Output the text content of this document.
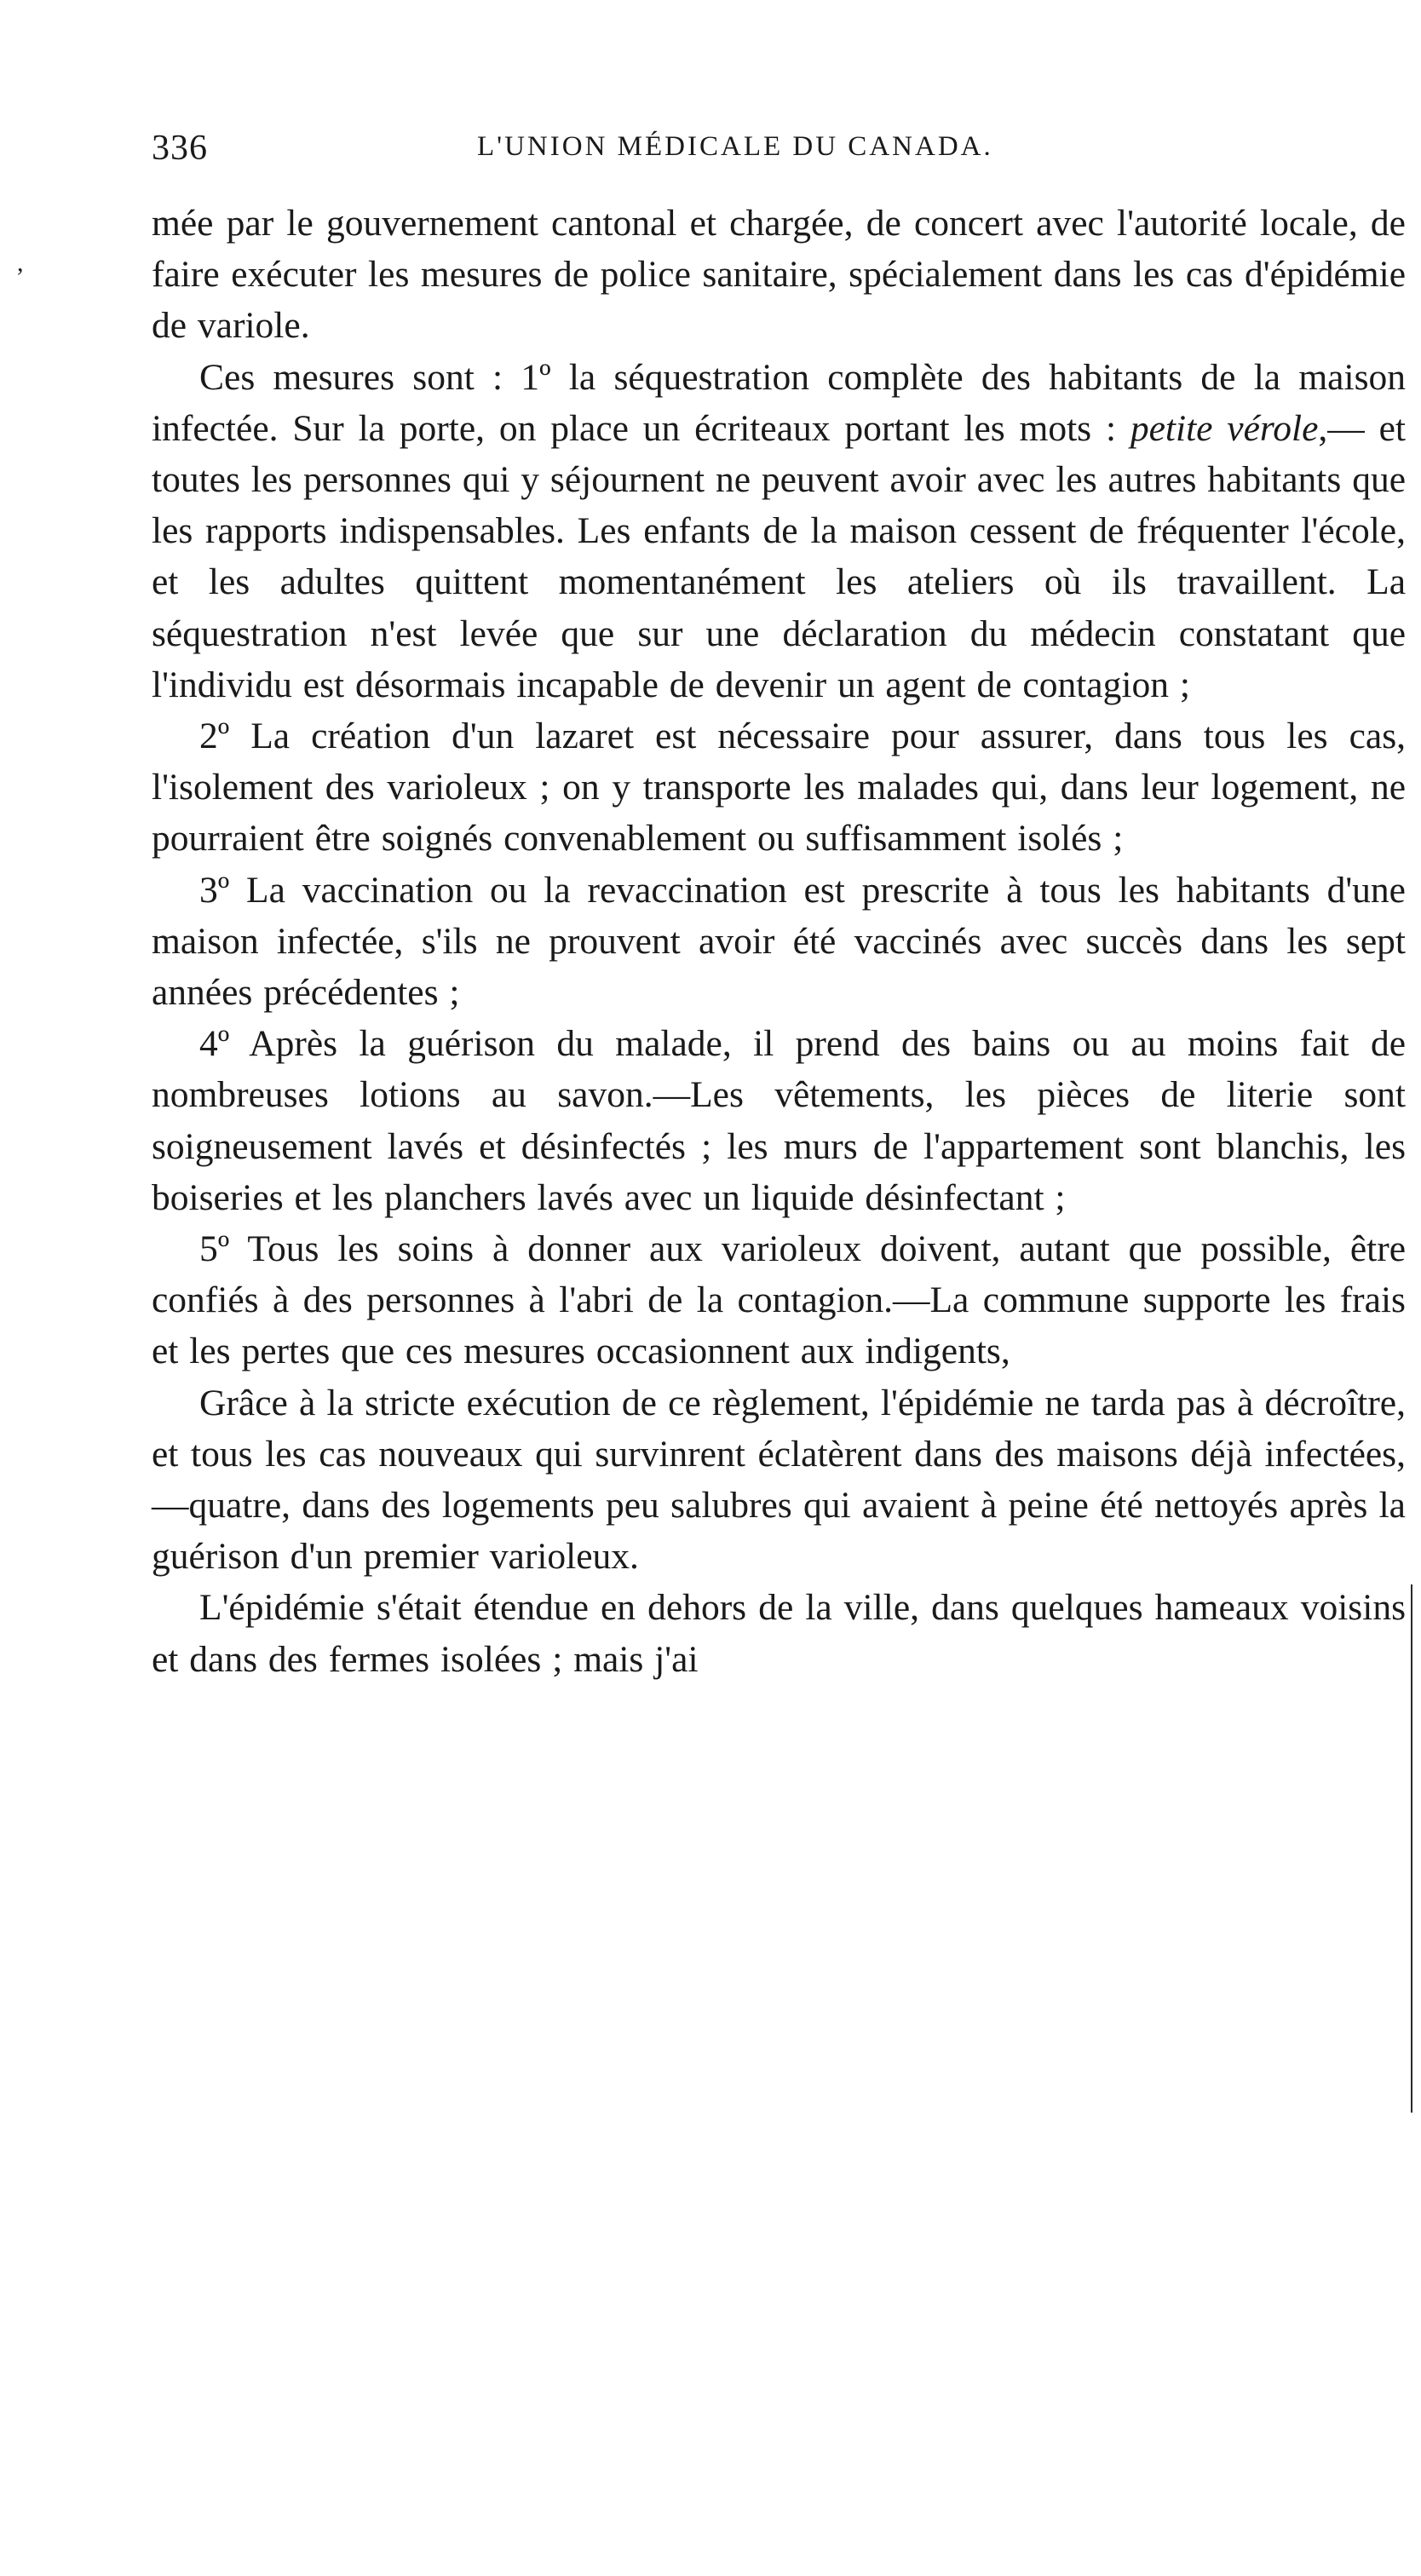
,
336	L'UNION MÉDICALE DU CANADA.

mée par le gouvernement cantonal et chargée, de concert avec l'autorité locale, de faire exécuter les mesures de police sanitaire, spécialement dans les cas d'épidémie de variole.

Ces mesures sont : 1º la séquestration complète des habitants de la maison infectée. Sur la porte, on place un écriteaux portant les mots : petite vérole,— et toutes les personnes qui y séjournent ne peuvent avoir avec les autres habitants que les rapports indispensables. Les enfants de la maison cessent de fréquenter l'école, et les adultes quittent momentanément les ateliers où ils travaillent. La séquestration n'est levée que sur une déclaration du médecin constatant que l'individu est désormais incapable de devenir un agent de contagion ;

2º La création d'un lazaret est nécessaire pour assurer, dans tous les cas, l'isolement des varioleux ; on y transporte les malades qui, dans leur logement, ne pourraient être soignés convenablement ou suffisamment isolés ;

3º La vaccination ou la revaccination est prescrite à tous les habitants d'une maison infectée, s'ils ne prouvent avoir été vaccinés avec succès dans les sept années précédentes ;

4º Après la guérison du malade, il prend des bains ou au moins fait de nombreuses lotions au savon.—Les vêtements, les pièces de literie sont soigneusement lavés et désinfectés ; les murs de l'appartement sont blanchis, les boiseries et les planchers lavés avec un liquide désinfectant ;

5º Tous les soins à donner aux varioleux doivent, autant que possible, être confiés à des personnes à l'abri de la contagion.—La commune supporte les frais et les pertes que ces mesures occasionnent aux indigents,

Grâce à la stricte exécution de ce règlement, l'épidémie ne tarda pas à décroître, et tous les cas nouveaux qui survinrent éclatèrent dans des maisons déjà infectées,—quatre, dans des logements peu salubres qui avaient à peine été nettoyés après la guérison d'un premier varioleux.

L'épidémie s'était étendue en dehors de la ville, dans quelques hameaux voisins et dans des fermes isolées ; mais j'ai
